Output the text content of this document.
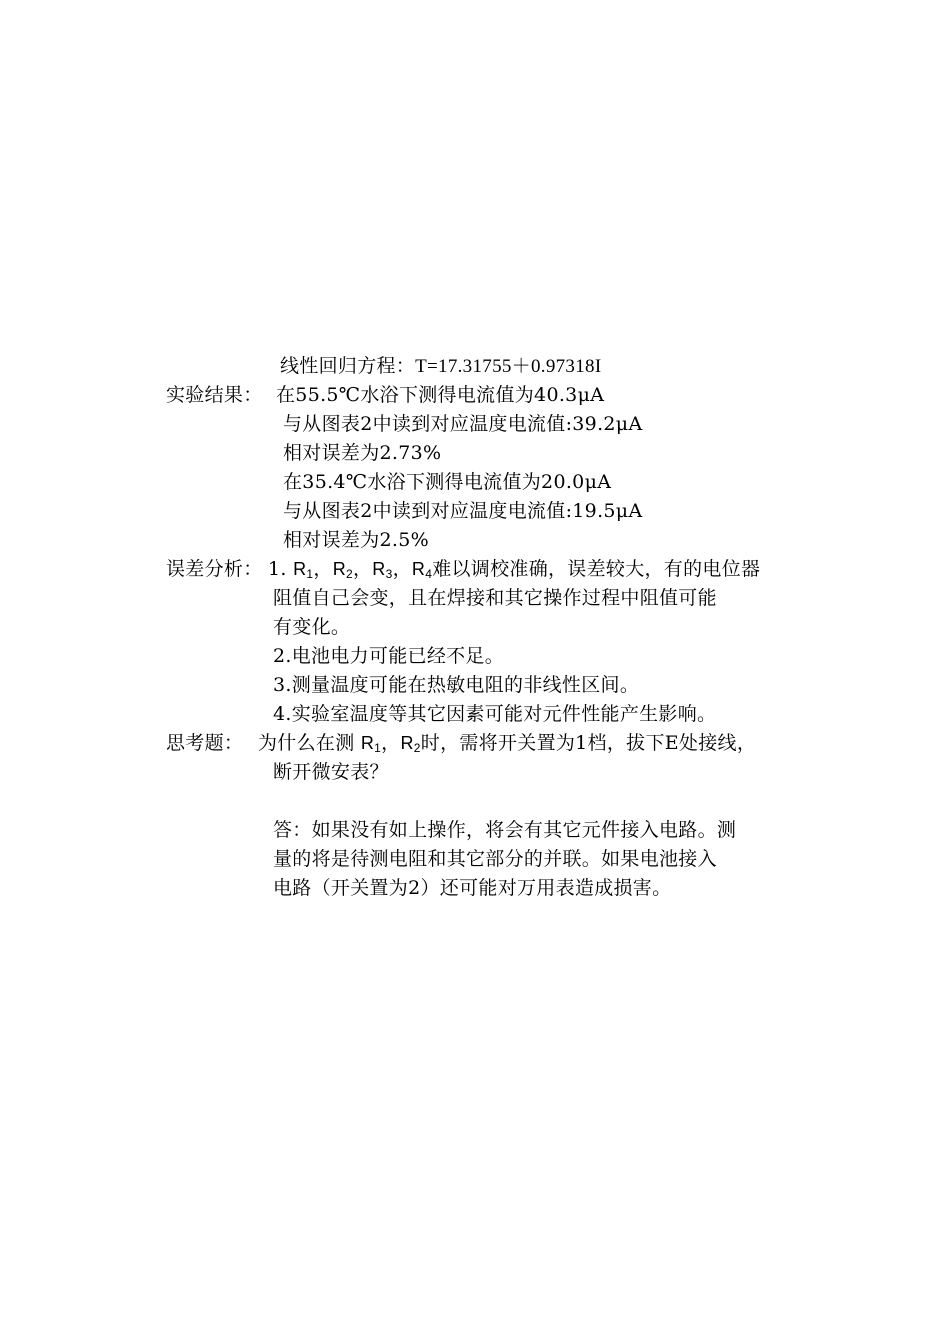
线性回归方程：T=17.31755＋0.97318I
实验结果： 在55.5℃水浴下测得电流值为40.3μA
与从图表2中读到对应温度电流值:39.2μA
相对误差为2.73%
在35.4℃水浴下测得电流值为20.0μA
与从图表2中读到对应温度电流值:19.5μA
相对误差为2.5%
误差分析： 1. $R_1$，$R_2$，$R_3$，$R_4$难以调校准确，误差较大，有的电位器
阻值自己会变，且在焊接和其它操作过程中阻值可能
有变化。
2.电池电力可能已经不足。
3.测量温度可能在热敏电阻的非线性区间。
4.实验室温度等其它因素可能对元件性能产生影响。
思考题： 为什么在测 $R_1$，$R_2$时，需将开关置为1档，拔下E处接线，
断开微安表？
答：如果没有如上操作，将会有其它元件接入电路。测
量的将是待测电阻和其它部分的并联。如果电池接入
电路（开关置为2）还可能对万用表造成损害。
